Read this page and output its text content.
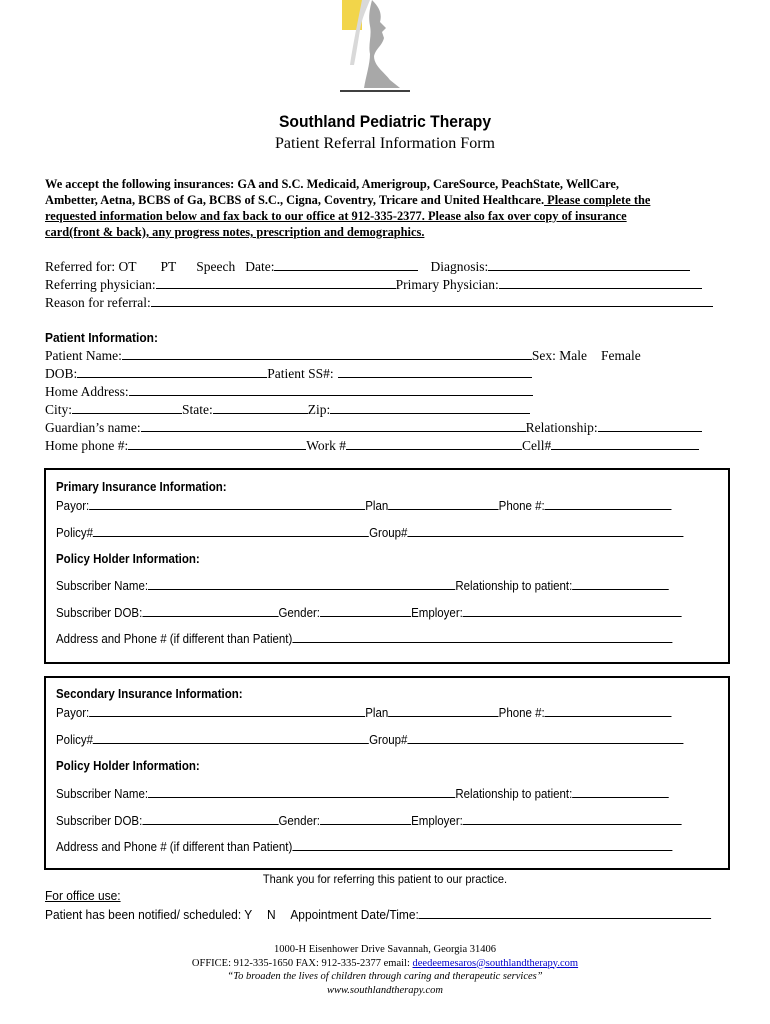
Southland Pediatric Therapy
Patient Referral Information Form
We accept the following insurances: GA and S.C. Medicaid, Amerigroup, CareSource, PeachState, WellCare,
Ambetter, Aetna, BCBS of Ga, BCBS of S.C., Cigna, Coventry, Tricare and United Healthcare. Please complete the
requested information below and fax back to our office at 912-335-2377. Please also fax over copy of insurance
card(front & back), any progress notes, prescription and demographics.
Referred for: OT PT Speech Date:	Diagnosis:
Referring physician:	Primary Physician:
Reason for referral:
Patient Information:
Patient Name:	Sex: Male Female
DOB:	Patient SS#:
Home Address:
City:	State:	Zip:
Guardian’s name:	Relationship:
Home phone #:	Work #	Cell#
Primary Insurance Information:
Payor:	Plan	Phone #:
Policy#	Group#
Policy Holder Information:
Subscriber Name:	Relationship to patient:
Subscriber DOB:	Gender:	Employer:
Address and Phone # (if different than Patient)
Secondary Insurance Information:
Payor:	Plan	Phone #:
Policy#	Group#
Policy Holder Information:
Subscriber Name:	Relationship to patient:
Subscriber DOB:	Gender:	Employer:
Address and Phone # (if different than Patient)
Thank you for referring this patient to our practice.
For office use:
Patient has been notified/ scheduled: Y N Appointment Date/Time:
1000-H Eisenhower Drive Savannah, Georgia 31406
OFFICE: 912-335-1650 FAX: 912-335-2377 email: deedeemesaros@southlandtherapy.com
“To broaden the lives of children through caring and therapeutic services”
www.southlandtherapy.com
